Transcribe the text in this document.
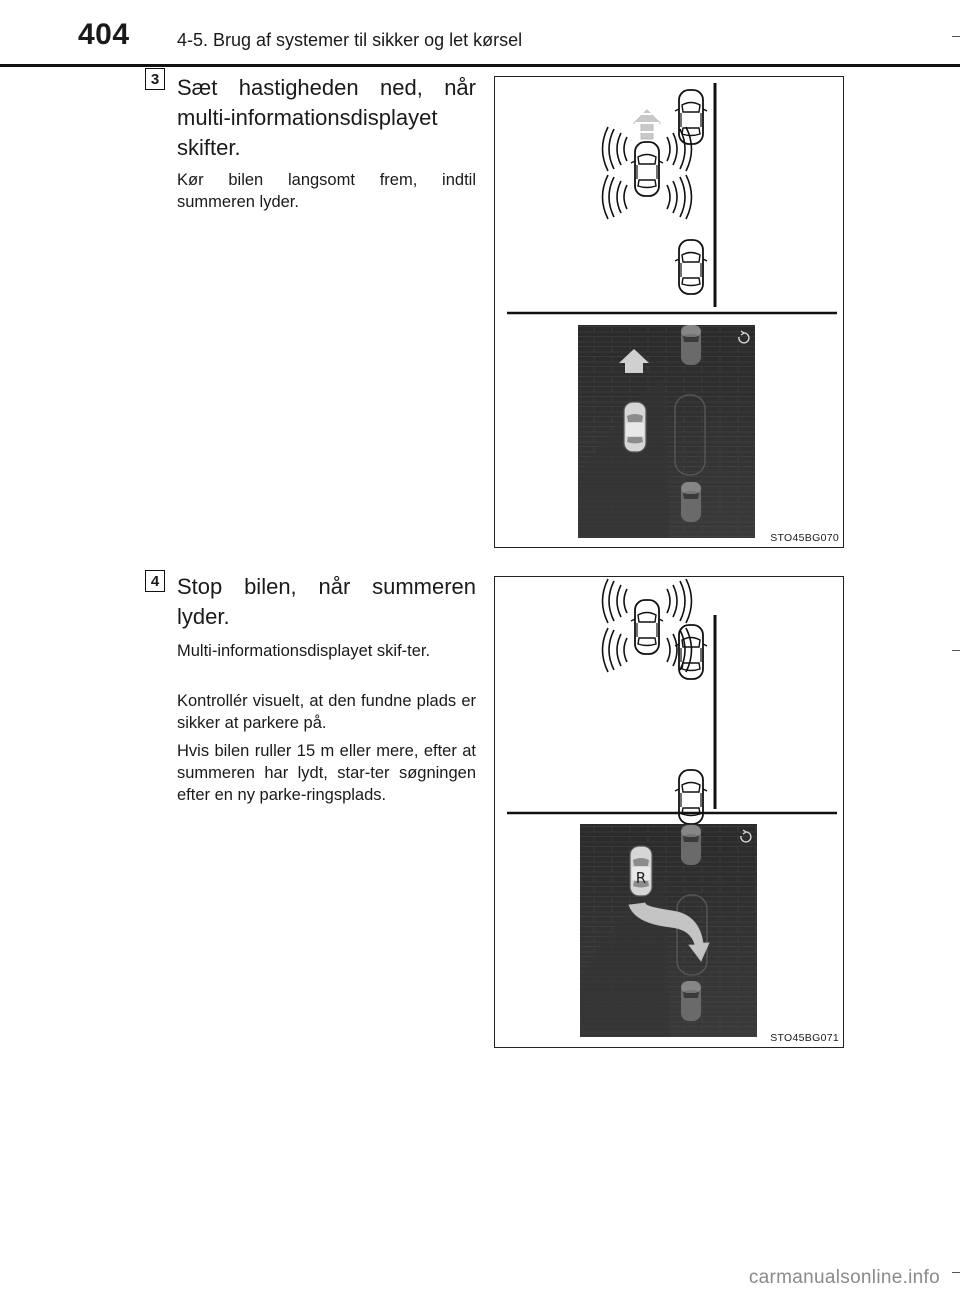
404	4-5. Brug af systemer til sikker og let kørsel
3 Sæt hastigheden ned, når
multi-informationsdisplayet
skifter.

Kør bilen langsomt frem, indtil summeren lyder.

STO45BG070
4 Stop bilen, når summeren
lyder.

Multi-informationsdisplayet skif-ter.

Kontrollér visuelt, at den fundne plads er sikker at parkere på.

Hvis bilen ruller 15 m eller mere, efter at summeren har lydt, star-ter søgningen efter en ny parke-ringsplads.

R
STO45BG071
carmanualsonline.info
